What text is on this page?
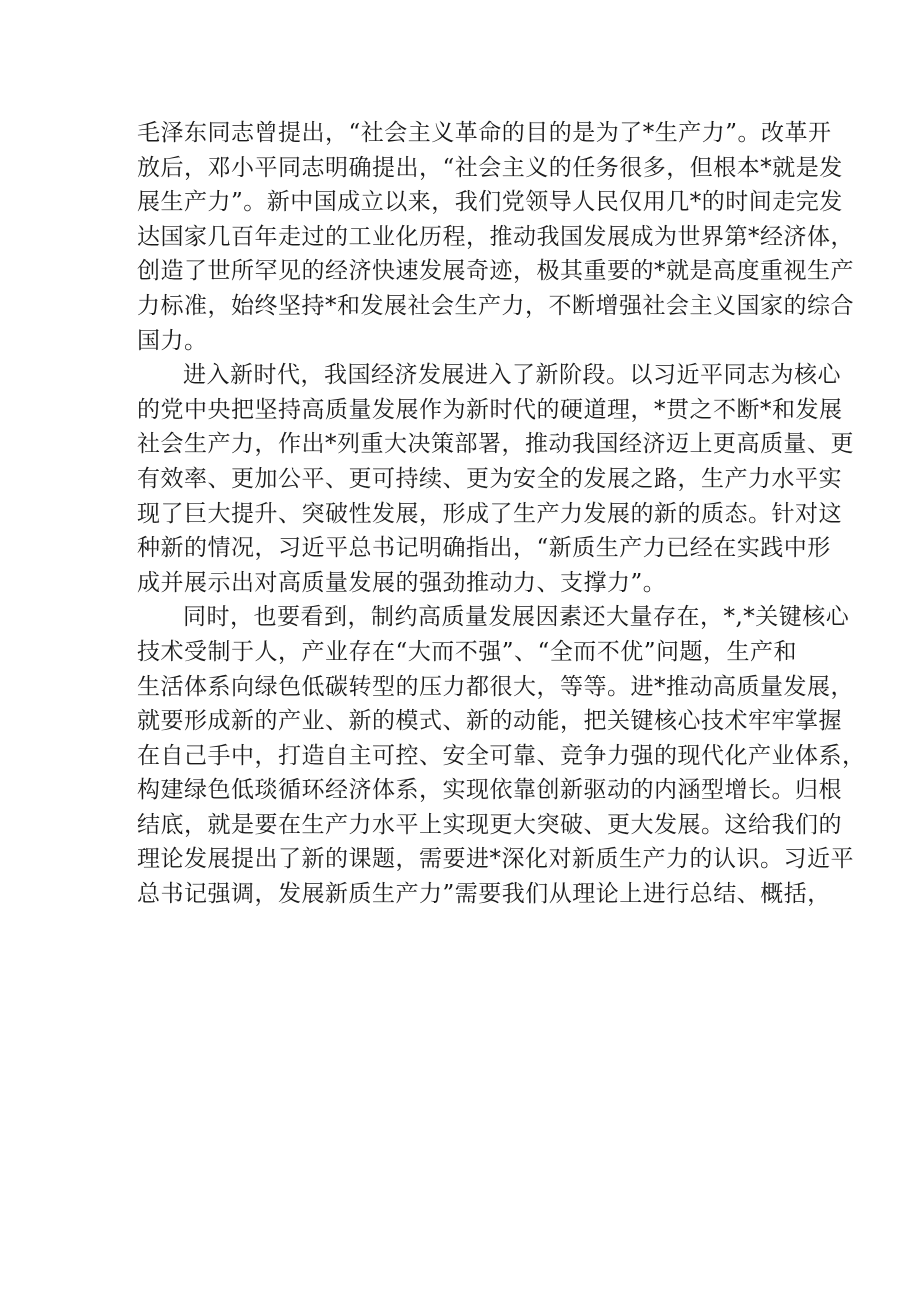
毛泽东同志曾提出，“社会主义革命的目的是为了*生产力”。改革开
放后，邓小平同志明确提出，“社会主义的任务很多，但根本*就是发
展生产力”。新中国成立以来，我们党领导人民仅用几*的时间走完发
达国家几百年走过的工业化历程，推动我国发展成为世界第*经济体，
创造了世所罕见的经济快速发展奇迹，极其重要的*就是高度重视生产
力标准，始终坚持*和发展社会生产力，不断增强社会主义国家的综合
国力。
进入新时代，我国经济发展进入了新阶段。以习近平同志为核心
的党中央把坚持高质量发展作为新时代的硬道理，*贯之不断*和发展
社会生产力，作出*列重大决策部署，推动我国经济迈上更高质量、更
有效率、更加公平、更可持续、更为安全的发展之路，生产力水平实
现了巨大提升、突破性发展，形成了生产力发展的新的质态。针对这
种新的情况，习近平总书记明确指出，“新质生产力已经在实践中形
成并展示出对高质量发展的强劲推动力、支撑力”。
同时，也要看到，制约高质量发展因素还大量存在，*,*关键核心
技术受制于人，产业存在“大而不强”、“全而不优”问题，生产和
生活体系向绿色低碳转型的压力都很大，等等。进*推动高质量发展，
就要形成新的产业、新的模式、新的动能，把关键核心技术牢牢掌握
在自己手中，打造自主可控、安全可靠、竞争力强的现代化产业体系，
构建绿色低琰循环经济体系，实现依靠创新驱动的内涵型增长。归根
结底，就是要在生产力水平上实现更大突破、更大发展。这给我们的
理论发展提出了新的课题，需要进*深化对新质生产力的认识。习近平
总书记强调，发展新质生产力”需要我们从理论上进行总结、概括，
